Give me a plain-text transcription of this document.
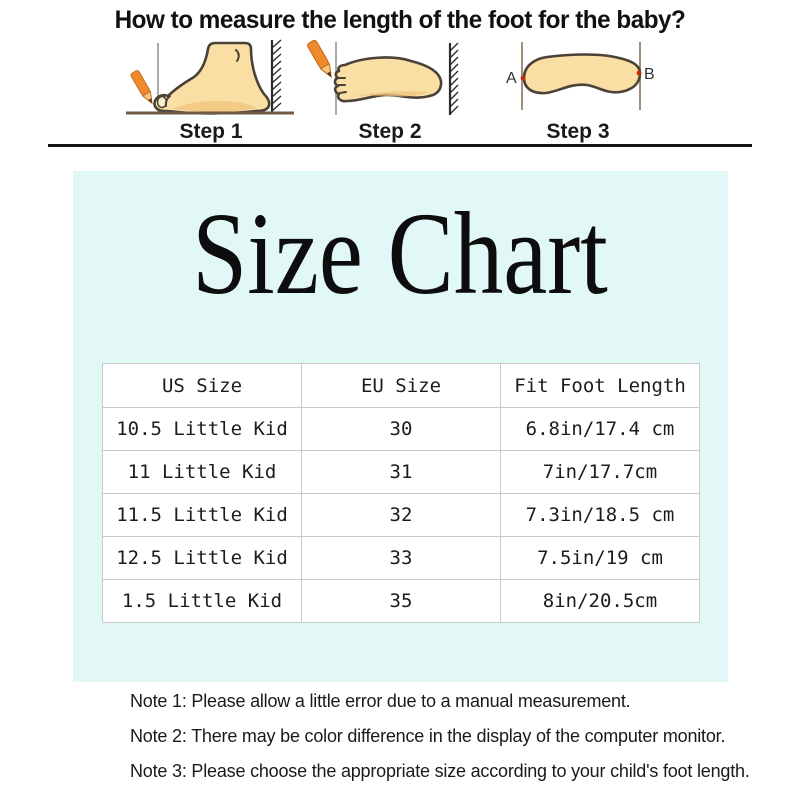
How to measure the length of the foot for the baby?
Step 1	Step 2
A	B
Step 3
Size Chart
US Size	EU Size	Fit Foot Length
10.5 Little Kid	30	6.8in/17.4 cm
11 Little Kid	31	7in/17.7cm
11.5 Little Kid	32	7.3in/18.5 cm
12.5 Little Kid	33	7.5in/19 cm
1.5 Little Kid	35	8in/20.5cm
Note 1: Please allow a little error due to a manual measurement.
Note 2: There may be color difference in the display of the computer monitor.
Note 3: Please choose the appropriate size according to your child's foot length.
